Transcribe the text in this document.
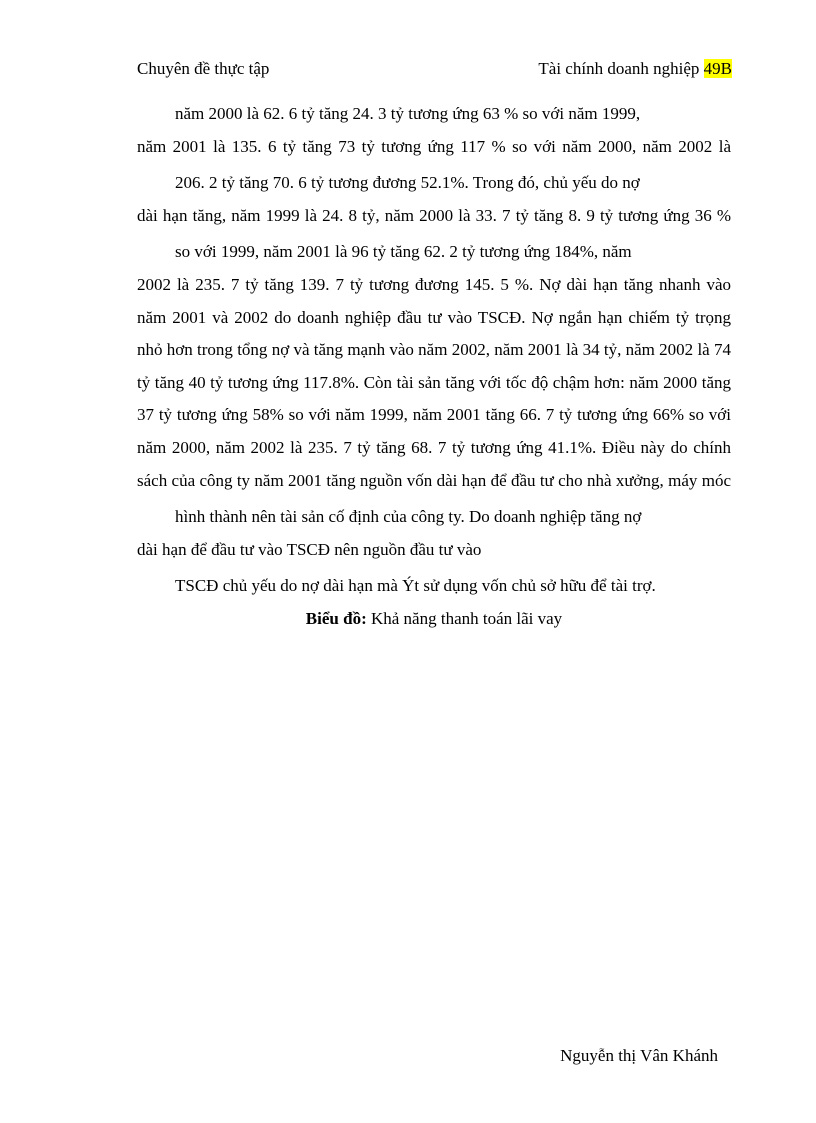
Chuyên đề thực tập	Tài chính doanh nghiệp 49B

năm 2000 là 62. 6 tỷ tăng 24. 3 tỷ tương ứng 63 % so với năm 1999,

năm 2001 là 135. 6 tỷ tăng 73 tỷ tương ứng 117 % so với năm 2000, năm 2002 là

206. 2 tỷ tăng 70. 6 tỷ tương đương 52.1%. Trong đó, chủ yếu do nợ

dài hạn tăng, năm 1999 là 24. 8 tỷ, năm 2000 là 33. 7 tỷ tăng 8. 9 tỷ tương ứng 36 %

so với 1999, năm 2001 là 96 tỷ tăng 62. 2 tỷ tương ứng 184%, năm

2002 là 235. 7 tỷ tăng 139. 7 tỷ tương đương 145. 5 %. Nợ dài hạn tăng nhanh vào năm 2001 và 2002 do doanh nghiệp đầu tư vào TSCĐ. Nợ ngắn hạn chiếm tỷ trọng nhỏ hơn trong tổng nợ và tăng mạnh vào năm 2002, năm 2001 là 34 tỷ, năm 2002 là 74 tỷ tăng 40 tỷ tương ứng 117.8%. Còn tài sản tăng với tốc độ chậm hơn: năm 2000 tăng 37 tỷ tương ứng 58% so với năm 1999, năm 2001 tăng 66. 7 tỷ tương ứng 66% so với năm 2000, năm 2002 là 235. 7 tỷ tăng 68. 7 tỷ tương ứng 41.1%. Điều này do chính sách của công ty năm 2001 tăng nguồn vốn dài hạn để đầu tư cho nhà xưởng, máy móc

hình thành nên tài sản cố định của công ty. Do doanh nghiệp tăng nợ

dài hạn để đầu tư vào TSCĐ nên nguồn đầu tư vào

TSCĐ chủ yếu do nợ dài hạn mà Ýt sử dụng vốn chủ sở hữu để tài trợ.

Biểu đồ: Khả năng thanh toán lãi vay

Nguyễn thị Vân Khánh
